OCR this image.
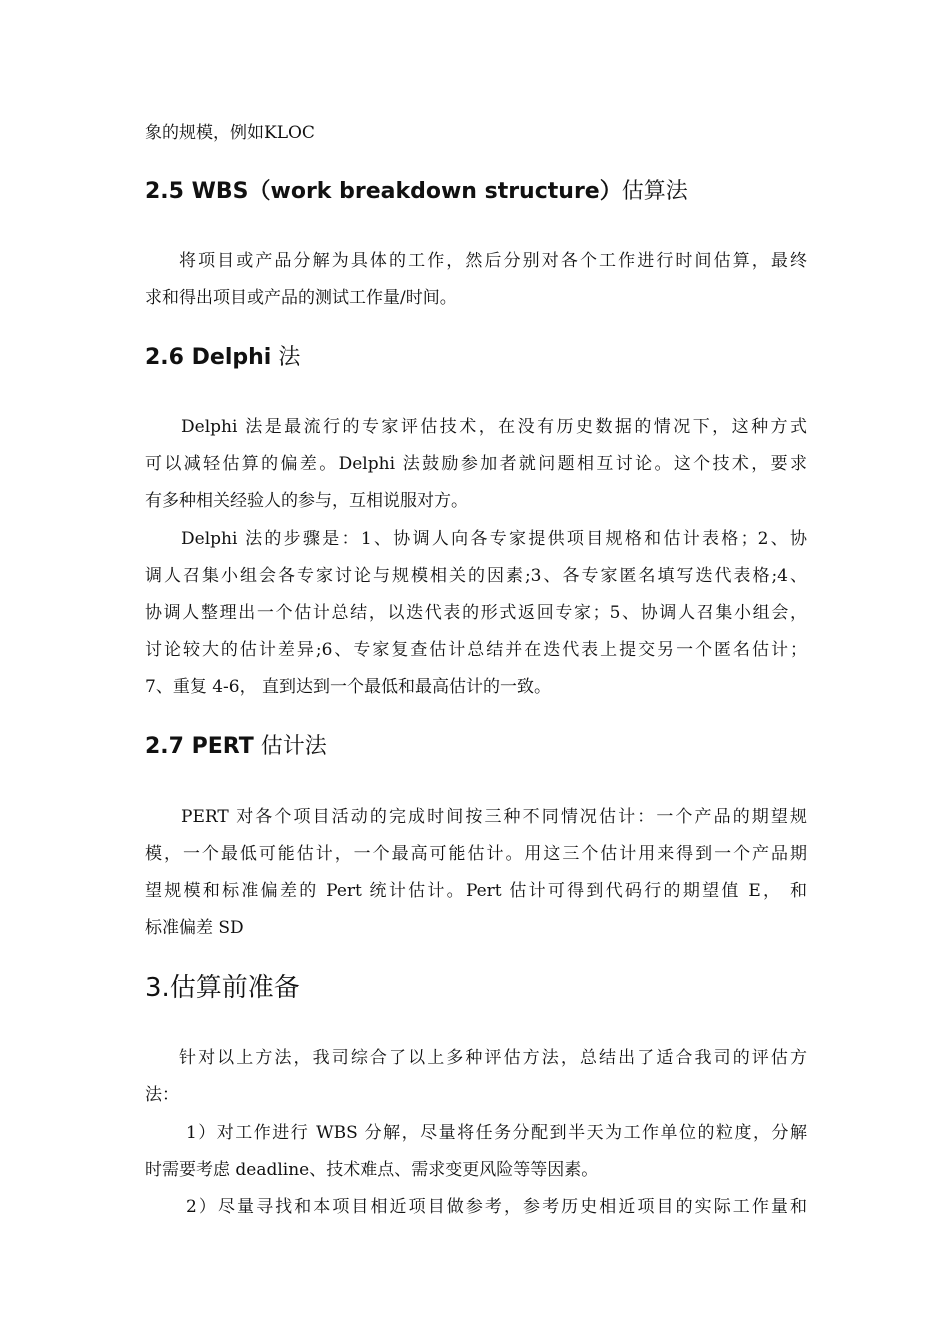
象的规模，例如KLOC
2.5 WBS（work breakdown structure）估算法
将项目或产品分解为具体的工作，然后分别对各个工作进行时间估算，最终
求和得出项目或产品的测试工作量/时间。
2.6 Delphi 法
Delphi 法是最流行的专家评估技术，在没有历史数据的情况下，这种方式
可以减轻估算的偏差。Delphi 法鼓励参加者就问题相互讨论。这个技术，要求
有多种相关经验人的参与，互相说服对方。
Delphi 法的步骤是：1、协调人向各专家提供项目规格和估计表格；2、协
调人召集小组会各专家讨论与规模相关的因素;3、各专家匿名填写迭代表格;4、
协调人整理出一个估计总结，以迭代表的形式返回专家；5、协调人召集小组会，
讨论较大的估计差异;6、专家复查估计总结并在迭代表上提交另一个匿名估计；
7、重复 4-6， 直到达到一个最低和最高估计的一致。
2.7 PERT 估计法
PERT 对各个项目活动的完成时间按三种不同情况估计：一个产品的期望规
模，一个最低可能估计，一个最高可能估计。用这三个估计用来得到一个产品期
望规模和标准偏差的 Pert 统计估计。Pert 估计可得到代码行的期望值 E， 和
标准偏差 SD
3.估算前准备
针对以上方法，我司综合了以上多种评估方法，总结出了适合我司的评估方
法：
1）对工作进行 WBS 分解，尽量将任务分配到半天为工作单位的粒度，分解
时需要考虑 deadline、技术难点、需求变更风险等等因素。
2）尽量寻找和本项目相近项目做参考，参考历史相近项目的实际工作量和
